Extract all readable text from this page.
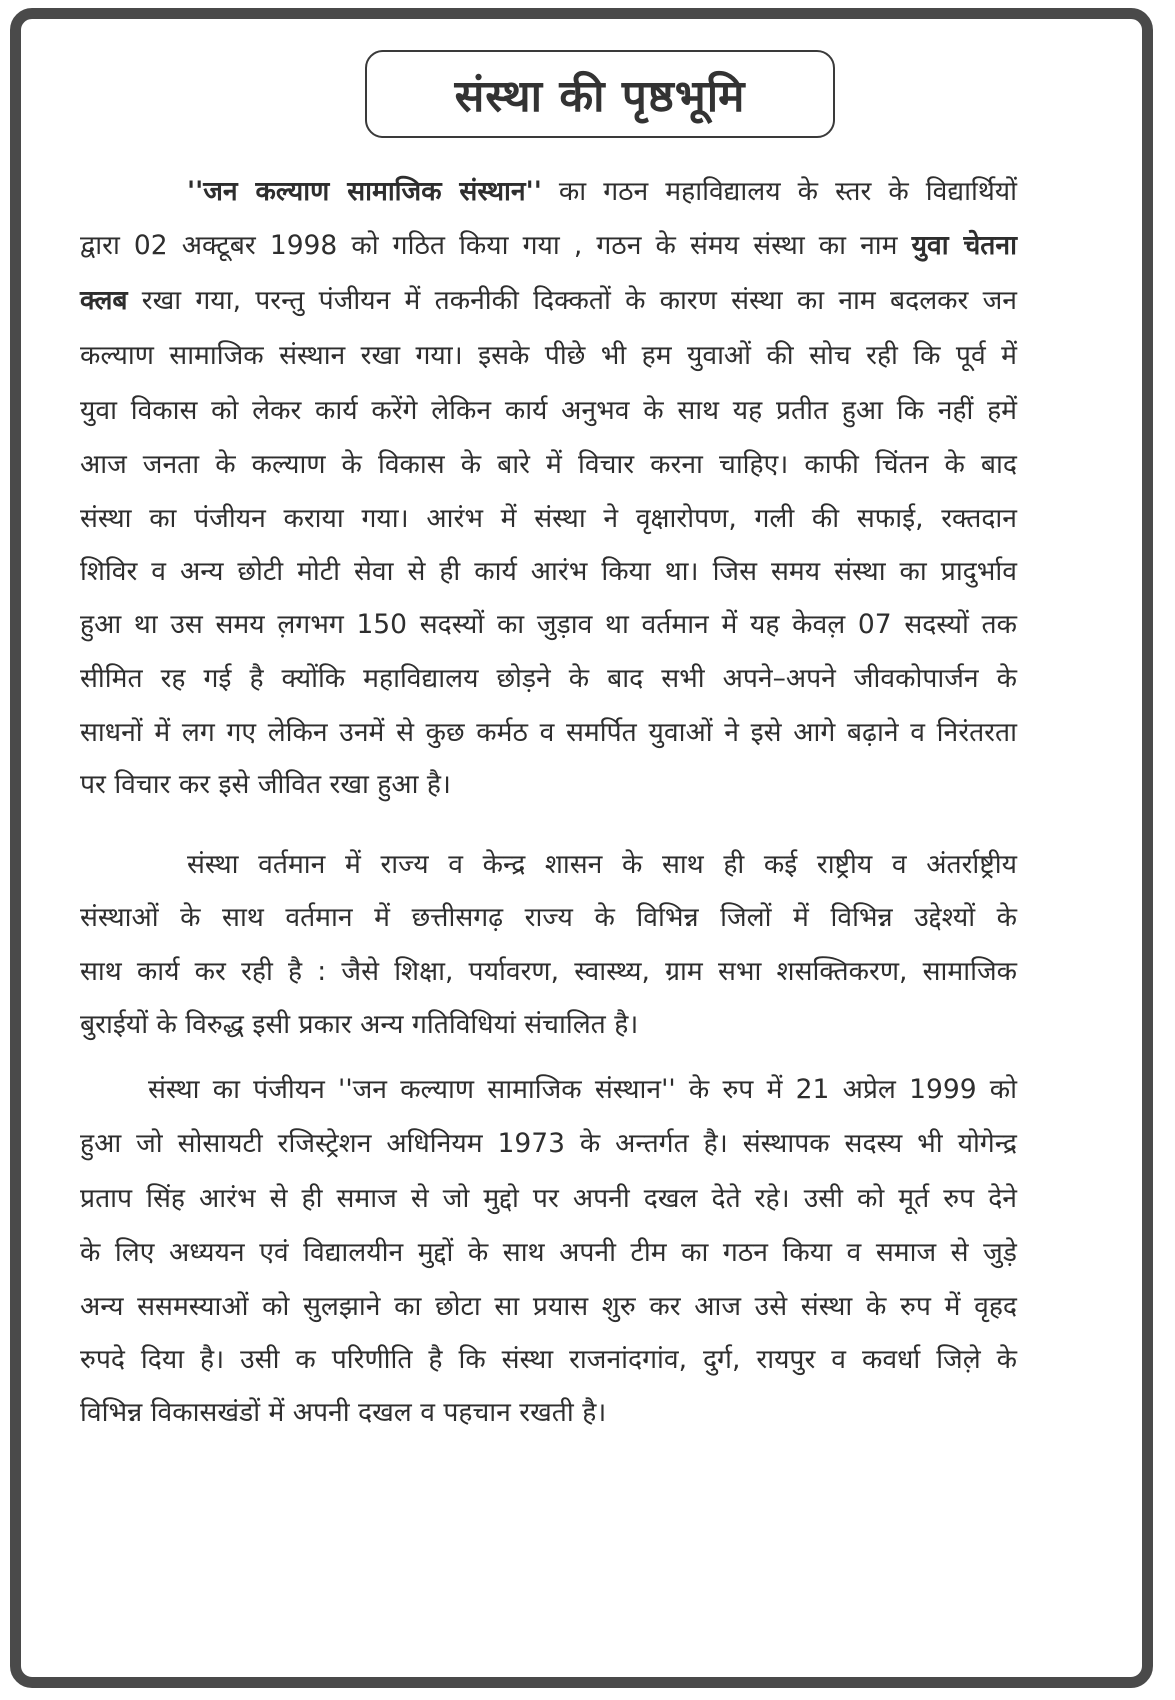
संस्था की पृष्ठभूमि
''जन कल्याण सामाजिक संस्थान'' का गठन महाविद्यालय के स्तर के विद्यार्थियों
द्वारा 02 अक्टूबर 1998 को गठित किया गया , गठन के संमय संस्था का नाम युवा चेतना
क्लब रखा गया, परन्तु पंजीयन में तकनीकी दिक्कतों के कारण संस्था का नाम बदलकर जन
कल्याण सामाजिक संस्थान रखा गया। इसके पीछे भी हम युवाओं की सोच रही कि पूर्व में
युवा विकास को लेकर कार्य करेंगे लेकिन कार्य अनुभव के साथ यह प्रतीत हुआ कि नहीं हमें
आज जनता के कल्याण के विकास के बारे में विचार करना चाहिए। काफी चिंतन के बाद
संस्था का पंजीयन कराया गया। आरंभ में संस्था ने वृक्षारोपण, गली की सफाई, रक्तदान
शिविर व अन्य छोटी मोटी सेवा से ही कार्य आरंभ किया था। जिस समय संस्था का प्रादुर्भाव
हुआ था उस समय ल़गभग 150 सदस्यों का जुड़ाव था वर्तमान में यह केवल़ 07 सदस्यों तक
सीमित रह गई है क्योंकि महाविद्यालय छोड़ने के बाद सभी अपने–अपने जीवकोपार्जन के
साधनों में लग गए लेकिन उनमें से कुछ कर्मठ व समर्पित युवाओं ने इसे आगे बढ़ाने व निरंतरता
पर विचार कर इसे जीवित रखा हुआ है।
संस्था वर्तमान में राज्य व केन्द्र शासन के साथ ही कई राष्ट्रीय व अंतर्राष्ट्रीय
संस्थाओं के साथ वर्तमान में छत्तीसगढ़ राज्य के विभिन्न जिलों में विभिन्न उद्देश्यों के
साथ कार्य कर रही है : जैसे शिक्षा, पर्यावरण, स्वास्थ्य, ग्राम सभा शसक्तिकरण, सामाजिक
बुराईयों के विरुद्ध इसी प्रकार अन्य गतिविधियां संचालित है।
संस्था का पंजीयन ''जन कल्याण सामाजिक संस्थान'' के रुप में 21 अप्रेल 1999 को
हुआ जो सोसायटी रजिस्ट्रेशन अधिनियम 1973 के अन्तर्गत है। संस्थापक सदस्य भी योगेन्द्र
प्रताप सिंह आरंभ से ही समाज से जो मुद्दो पर अपनी दखल देते रहे। उसी को मूर्त रुप देने
के लिए अध्ययन एवं विद्यालयीन मुद्दों के साथ अपनी टीम का गठन किया व समाज से जुड़े
अन्य ससमस्याओं को सुलझाने का छोटा सा प्रयास शुरु कर आज उसे संस्था के रुप में वृहद
रुपदे दिया है। उसी क परिणीति है कि संस्था राजनांदगांव, दुर्ग, रायपुर व कवर्धा जिल़े के
विभिन्न विकासखंडों में अपनी दखल व पहचान रखती है।
